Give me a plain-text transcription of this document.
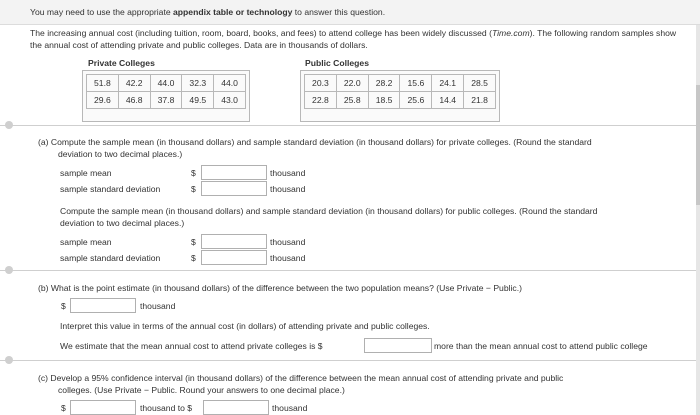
You may need to use the appropriate appendix table or technology to answer this question.
The increasing annual cost (including tuition, room, board, books, and fees) to attend college has been widely discussed (Time.com). The following random samples show the annual cost of attending private and public colleges. Data are in thousands of dollars.
Private Colleges
51.8	42.2	44.0	32.3	44.0
29.6	46.8	37.8	49.5	43.0
Public Colleges
20.3	22.0	28.2	15.6	24.1	28.5
22.8	25.8	18.5	25.6	14.4	21.8
(a) Compute the sample mean (in thousand dollars) and sample standard deviation (in thousand dollars) for private colleges. (Round the standard
deviation to two decimal places.)
sample mean	$	thousand
sample standard deviation	$	thousand
Compute the sample mean (in thousand dollars) and sample standard deviation (in thousand dollars) for public colleges. (Round the standard
deviation to two decimal places.)
sample mean	$	thousand
sample standard deviation	$	thousand
(b) What is the point estimate (in thousand dollars) of the difference between the two population means? (Use Private − Public.)
$	thousand
Interpret this value in terms of the annual cost (in dollars) of attending private and public colleges.
We estimate that the mean annual cost to attend private colleges is $	more than the mean annual cost to attend public college
(c) Develop a 95% confidence interval (in thousand dollars) of the difference between the mean annual cost of attending private and public
colleges. (Use Private − Public. Round your answers to one decimal place.)
$	thousand to $	thousand
